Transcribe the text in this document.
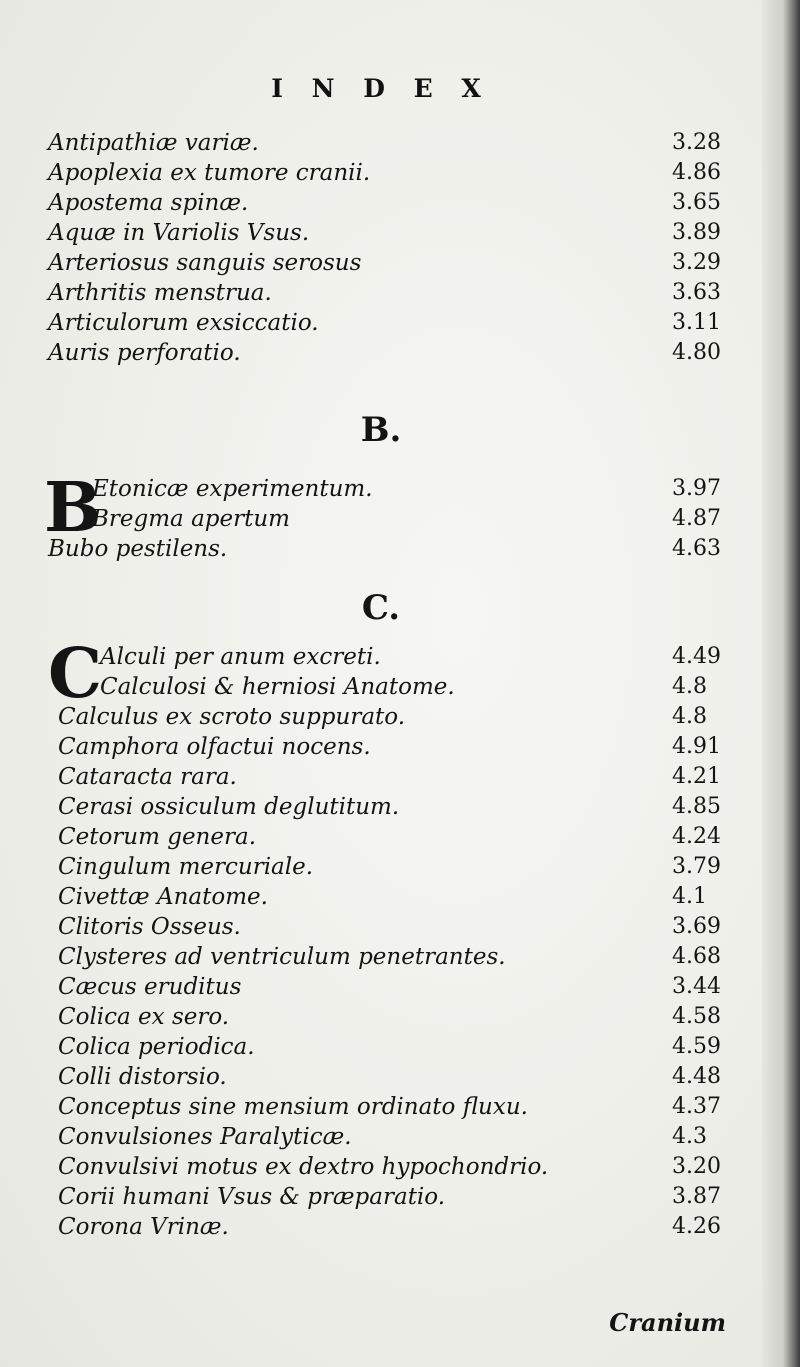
I N D E X
Antipathiæ variæ.	3.28
Apoplexia ex tumore cranii.	4.86
Apostema spinæ.	3.65
Aquæ in Variolis Vsus.	3.89
Arteriosus sanguis serosus	3.29
Arthritis menstrua.	3.63
Articulorum exsiccatio.	3.11
Auris perforatio.	4.80
B.
B
Etonicæ experimentum.	3.97
Bregma apertum	4.87
Bubo pestilens.	4.63
C.
C
Alculi per anum excreti.	4.49
Calculosi & herniosi Anatome.	4.8
Calculus ex scroto suppurato.	4.8
Camphora olfactui nocens.	4.91
Cataracta rara.	4.21
Cerasi ossiculum deglutitum.	4.85
Cetorum genera.	4.24
Cingulum mercuriale.	3.79
Civettæ Anatome.	4.1
Clitoris Osseus.	3.69
Clysteres ad ventriculum penetrantes.	4.68
Cæcus eruditus	3.44
Colica ex sero.	4.58
Colica periodica.	4.59
Colli distorsio.	4.48
Conceptus sine mensium ordinato fluxu.	4.37
Convulsiones Paralyticæ.	4.3
Convulsivi motus ex dextro hypochondrio.	3.20
Corii humani Vsus & præparatio.	3.87
Corona Vrinæ.	4.26
Cranium
